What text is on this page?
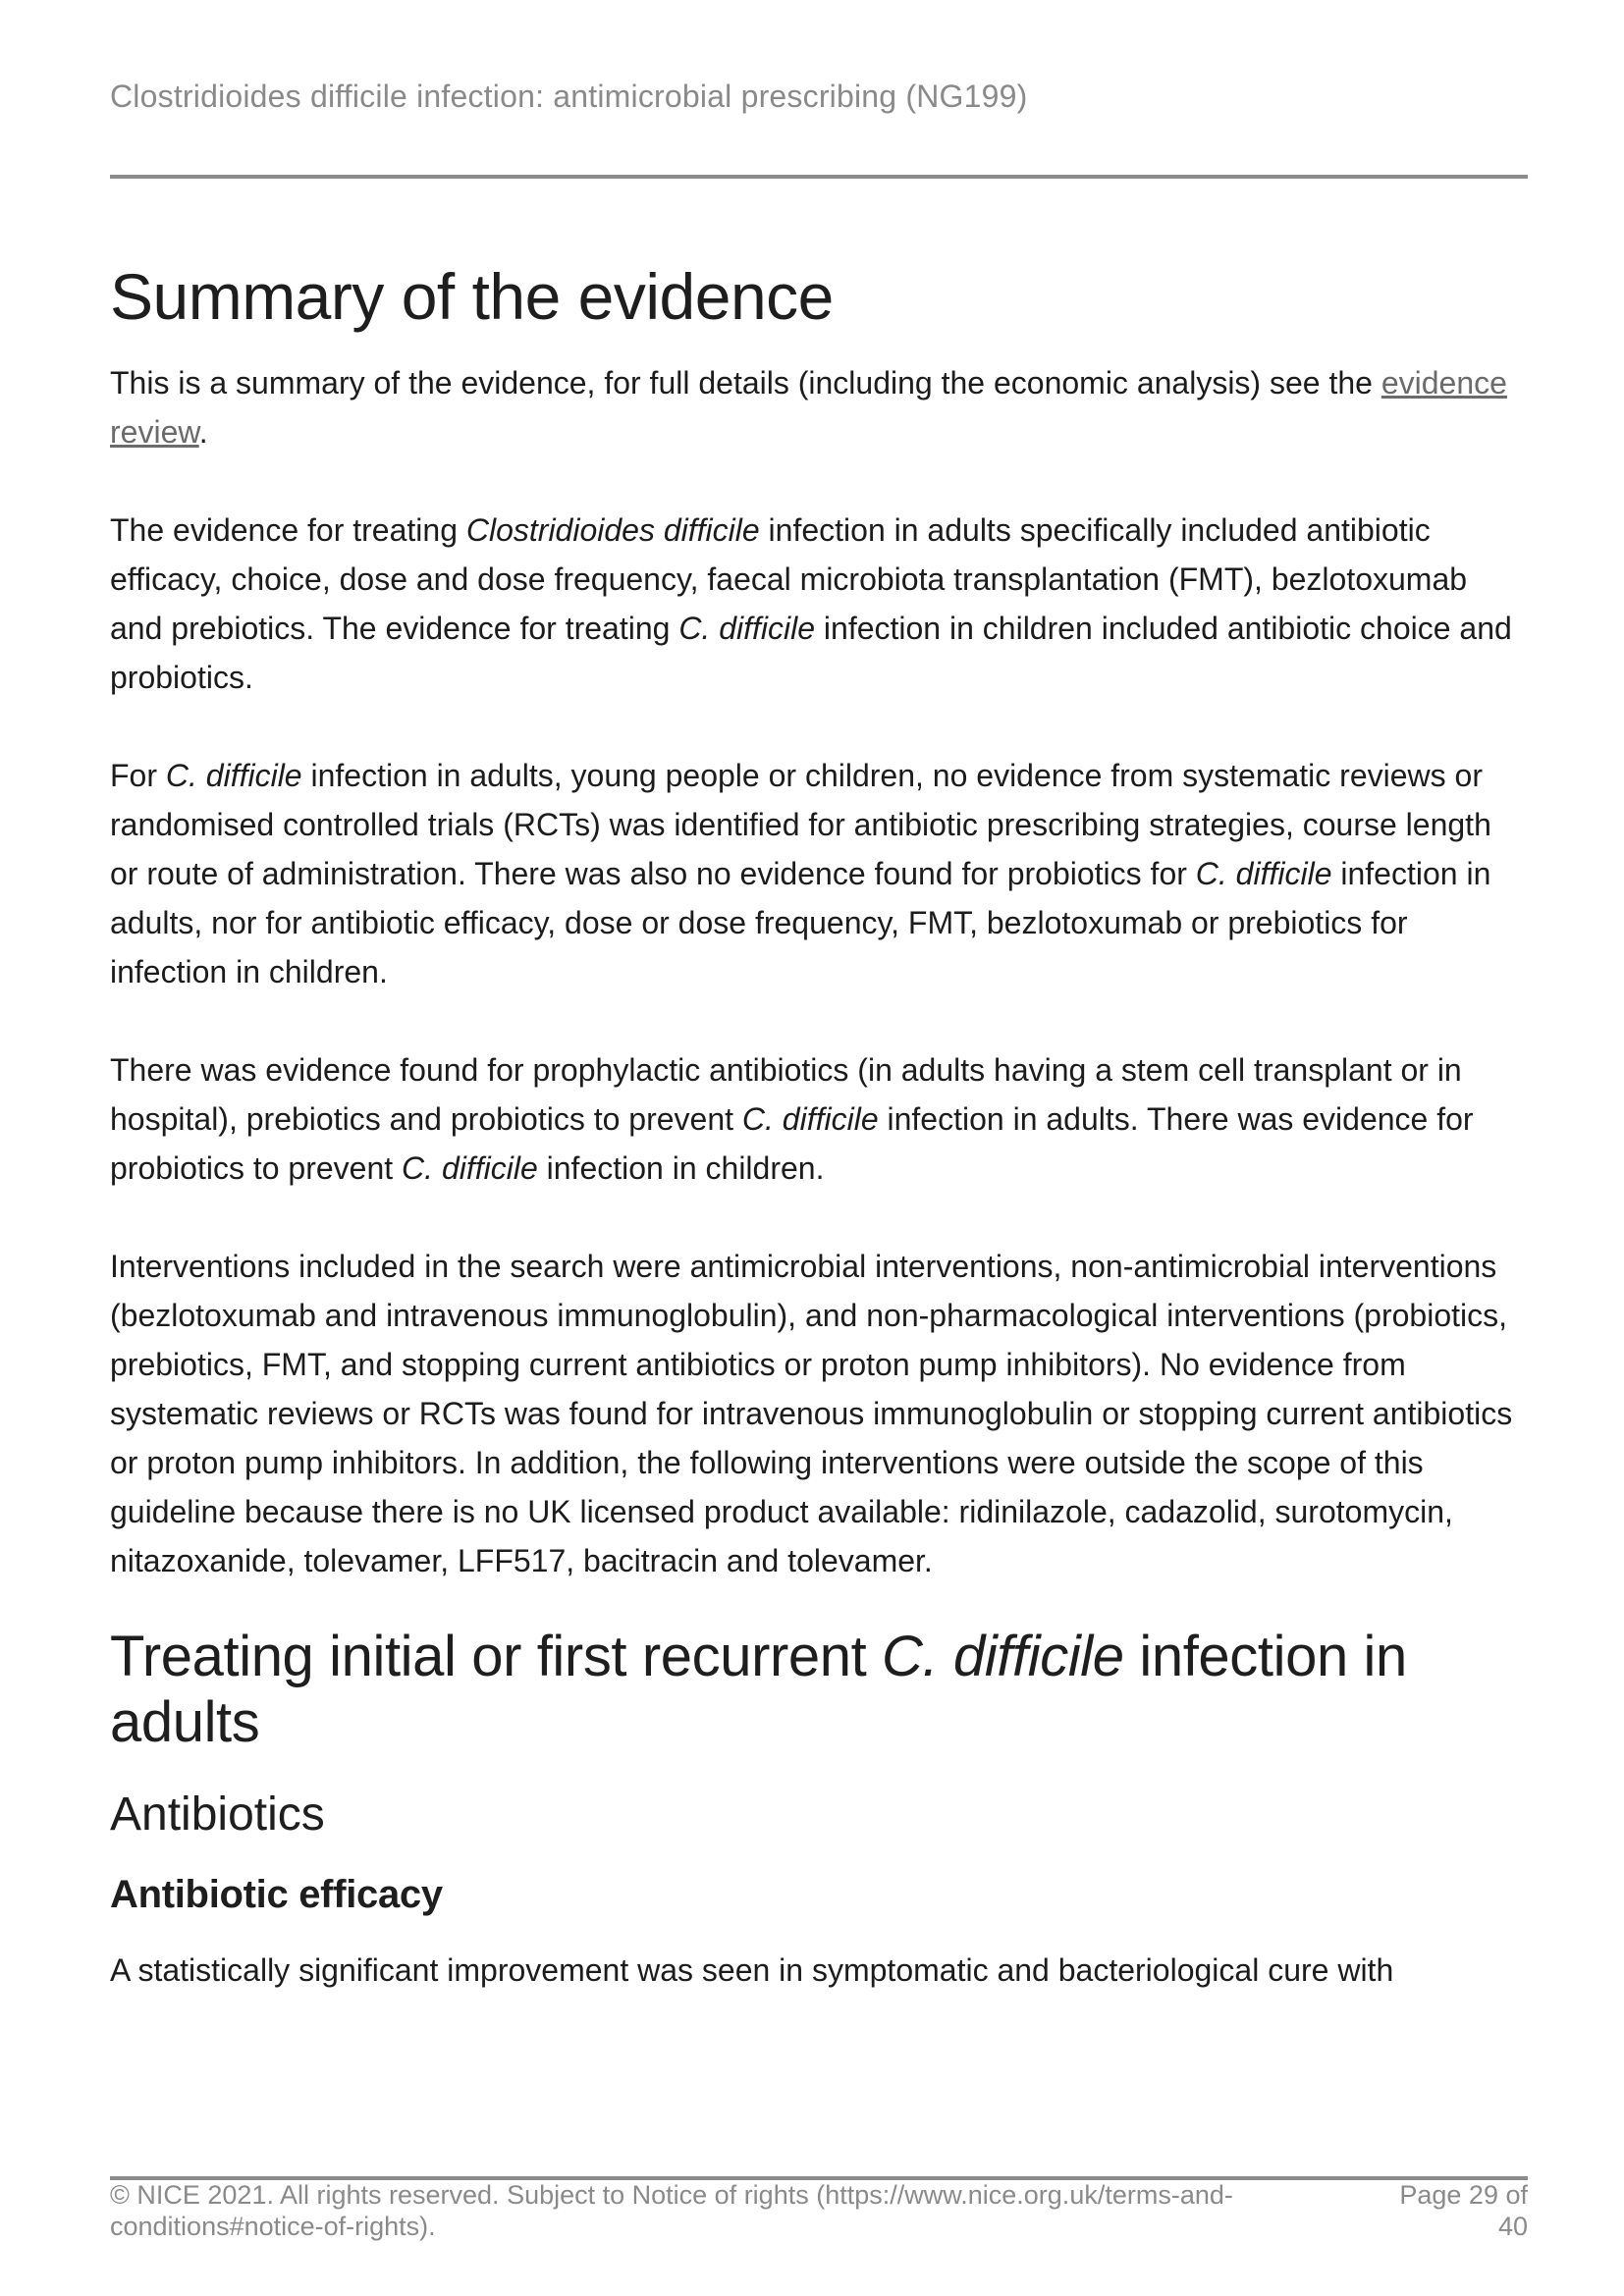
Clostridioides difficile infection: antimicrobial prescribing (NG199)
Summary of the evidence

This is a summary of the evidence, for full details (including the economic analysis) see the evidence review.

The evidence for treating Clostridioides difficile infection in adults specifically included antibiotic efficacy, choice, dose and dose frequency, faecal microbiota transplantation (FMT), bezlotoxumab and prebiotics. The evidence for treating C. difficile infection in children included antibiotic choice and probiotics.

For C. difficile infection in adults, young people or children, no evidence from systematic reviews or randomised controlled trials (RCTs) was identified for antibiotic prescribing strategies, course length or route of administration. There was also no evidence found for probiotics for C. difficile infection in adults, nor for antibiotic efficacy, dose or dose frequency, FMT, bezlotoxumab or prebiotics for infection in children.

There was evidence found for prophylactic antibiotics (in adults having a stem cell transplant or in hospital), prebiotics and probiotics to prevent C. difficile infection in adults. There was evidence for probiotics to prevent C. difficile infection in children.

Interventions included in the search were antimicrobial interventions, non-antimicrobial interventions (bezlotoxumab and intravenous immunoglobulin), and non-pharmacological interventions (probiotics, prebiotics, FMT, and stopping current antibiotics or proton pump inhibitors). No evidence from systematic reviews or RCTs was found for intravenous immunoglobulin or stopping current antibiotics or proton pump inhibitors. In addition, the following interventions were outside the scope of this guideline because there is no UK licensed product available: ridinilazole, cadazolid, surotomycin, nitazoxanide, tolevamer, LFF517, bacitracin and tolevamer.

Treating initial or first recurrent C. difficile infection in adults
Antibiotics
Antibiotic efficacy

A statistically significant improvement was seen in symptomatic and bacteriological cure with

© NICE 2021. All rights reserved. Subject to Notice of rights (https://www.nice.org.uk/terms-and-conditions#notice-of-rights).
Page 29 of 40
